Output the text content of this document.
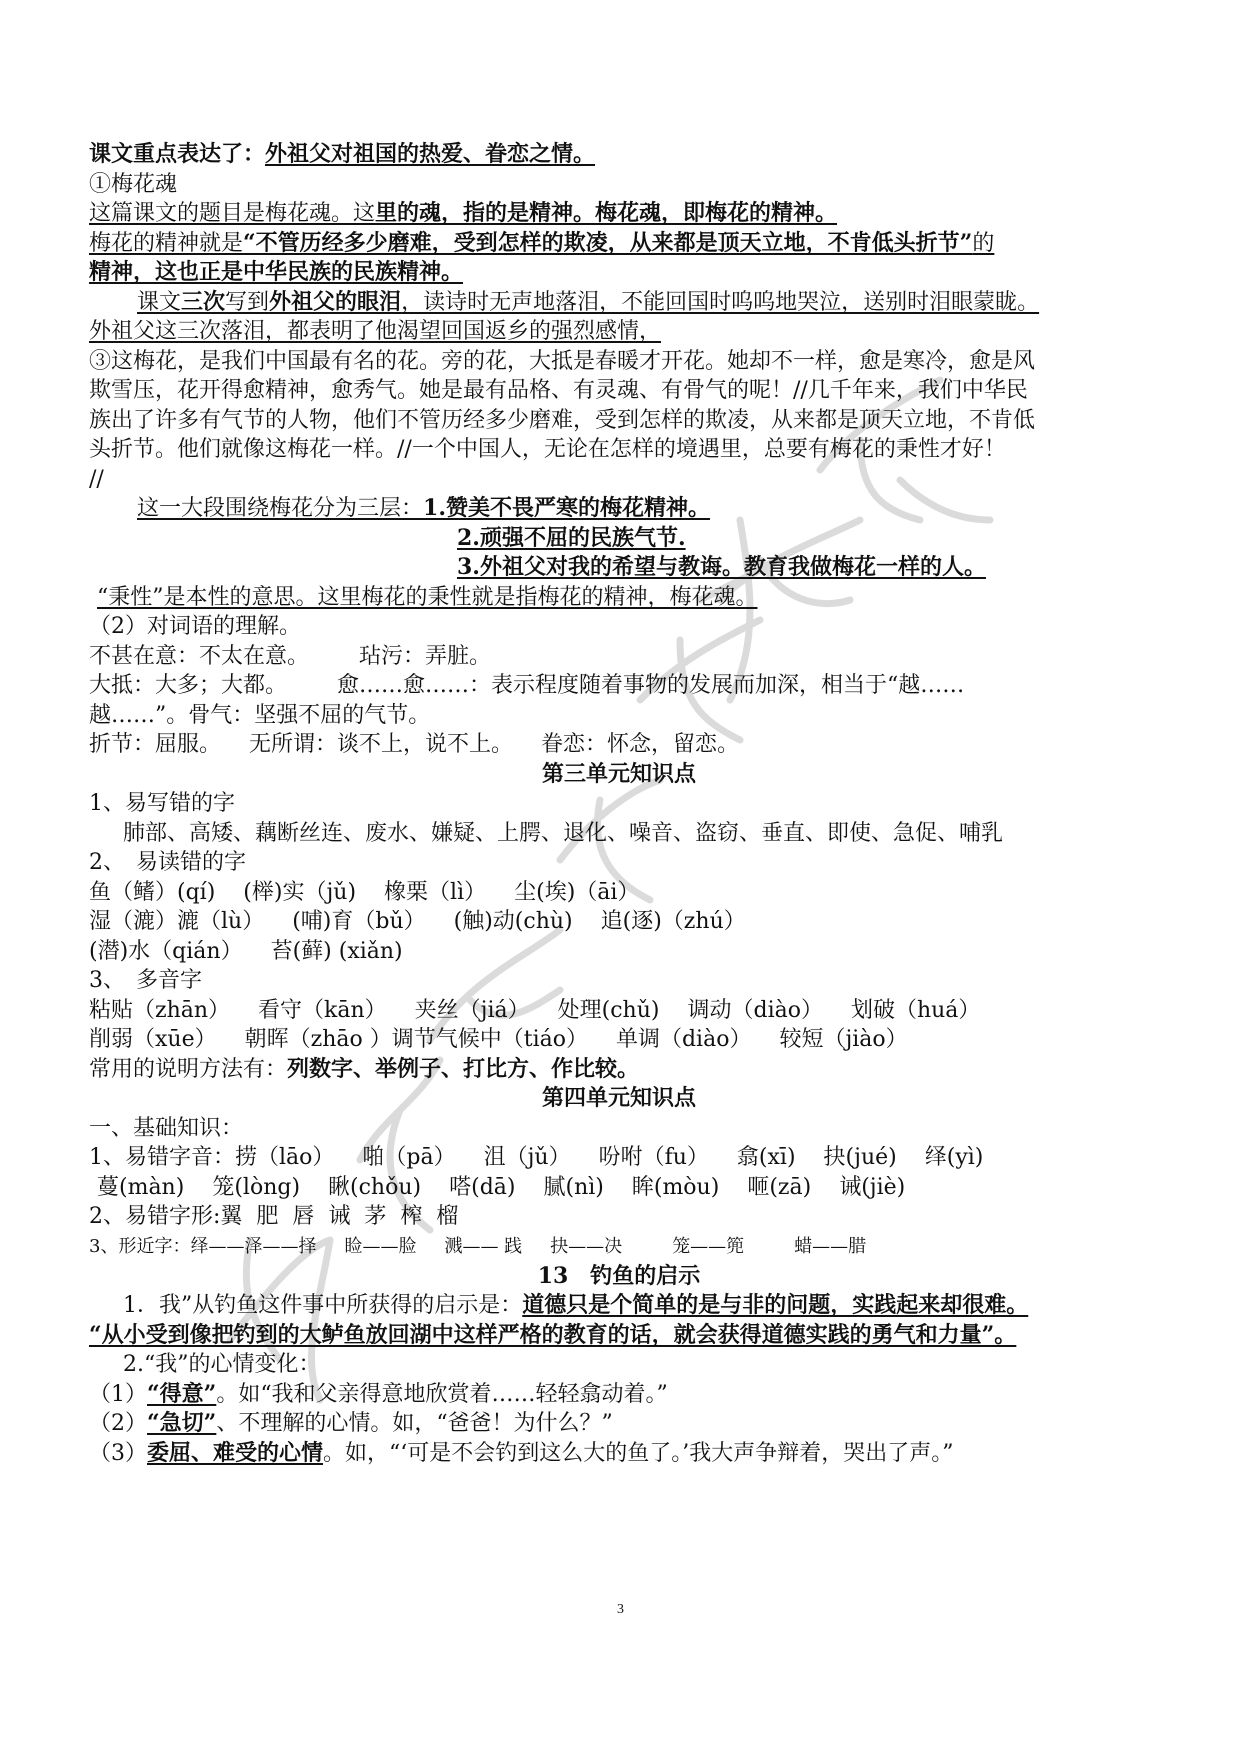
课文重点表达了：外祖父对祖国的热爱、眷恋之情。
①梅花魂
这篇课文的题目是梅花魂。这里的魂，指的是精神。梅花魂，即梅花的精神。
梅花的精神就是“不管历经多少磨难，受到怎样的欺凌，从来都是顶天立地，不肯低头折节”的
精神，这也正是中华民族的民族精神。
课文三次写到外祖父的眼泪，读诗时无声地落泪，不能回国时呜呜地哭泣，送别时泪眼蒙眬。
外祖父这三次落泪，都表明了他渴望回国返乡的强烈感情，
③这梅花，是我们中国最有名的花。旁的花，大抵是春暖才开花。她却不一样，愈是寒冷，愈是风
欺雪压，花开得愈精神，愈秀气。她是最有品格、有灵魂、有骨气的呢！//几千年来，我们中华民
族出了许多有气节的人物，他们不管历经多少磨难，受到怎样的欺凌，从来都是顶天立地，不肯低
头折节。他们就像这梅花一样。//一个中国人，无论在怎样的境遇里，总要有梅花的秉性才好！
//
这一大段围绕梅花分为三层：1.赞美不畏严寒的梅花精神。
2.顽强不屈的民族气节.
3.外祖父对我的希望与教诲。教育我做梅花一样的人。
“秉性”是本性的意思。这里梅花的秉性就是指梅花的精神，梅花魂。
（2）对词语的理解。
不甚在意：不太在意。 玷污：弄脏。
大抵：大多；大都。 愈……愈……：表示程度随着事物的发展而加深，相当于“越……
越……”。骨气：坚强不屈的气节。
折节：屈服。 无所谓：谈不上，说不上。 眷恋：怀念，留恋。
第三单元知识点
1、易写错的字
肺部、高矮、藕断丝连、废水、嫌疑、上腭、退化、噪音、盗窃、垂直、即使、急促、哺乳
2、　易读错的字
鱼（鳍）(qí) (榉)实（jǔ) 橡栗（lì） 尘(埃)（āi）
湿（漉）漉（lù） (哺)育（bǔ） (触)动(chù) 追(逐)（zhú）
(潜)水（qián） 苔(藓) (xiǎn)
3、　多音字
粘贴（zhān） 看守（kān） 夹丝（jiá） 处理(chǔ) 调动（diào） 划破（huá）
削弱（xūe） 朝晖（zhāo ）调节气候中（tiáo） 单调（diào） 较短（jiào）
常用的说明方法有：列数字、举例子、打比方、作比较。
第四单元知识点
一、基础知识：
1、易错字音：捞（lāo） 啪（pā） 沮（jǔ） 吩咐（fu） 翕(xī) 抉(jué) 绎(yì)
蔓(màn) 笼(lòng) 瞅(chǒu) 嗒(dā) 腻(nì) 眸(mòu) 咂(zā) 诫(jiè)
2、易错字形:翼  肥  唇  诫  茅  榨  榴
3、形近字：绎——泽——择 睑——脸 溅—— 践 抉——决	笼——篼	蜡——腊
13　钓鱼的启示
1．我”从钓鱼这件事中所获得的启示是：道德只是个简单的是与非的问题，实践起来却很难。
“从小受到像把钓到的大鲈鱼放回湖中这样严格的教育的话，就会获得道德实践的勇气和力量”。
2.“我”的心情变化：
（1）“得意”。如“我和父亲得意地欣赏着……轻轻翕动着。”
（2）“急切”、不理解的心情。如，“爸爸！为什么？”
（3）委屈、难受的心情。如，“‘可是不会钓到这么大的鱼了。’我大声争辩着，哭出了声。”
3
